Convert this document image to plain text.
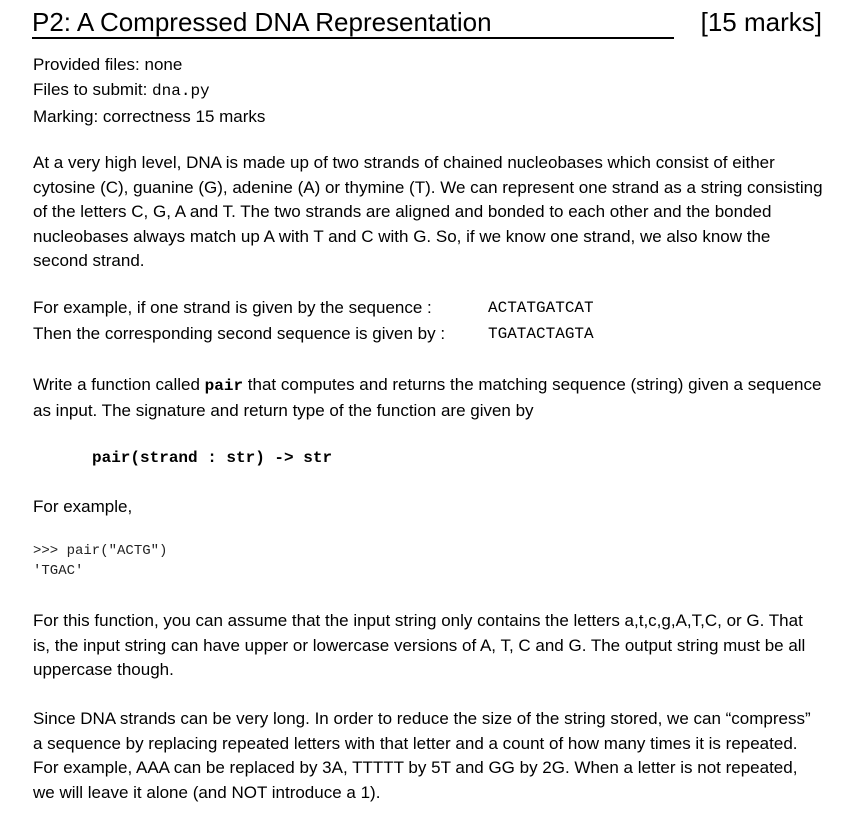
P2: A Compressed DNA Representation	[15 marks]
Provided files: none
Files to submit: dna.py
Marking: correctness 15 marks

At a very high level, DNA is made up of two strands of chained nucleobases which consist of either cytosine (C), guanine (G), adenine (A) or thymine (T). We can represent one strand as a string consisting of the letters C, G, A and T. The two strands are aligned and bonded to each other and the bonded nucleobases always match up A with T and C with G. So, if we know one strand, we also know the second strand.

For example, if one strand is given by the sequence :	ACTATGATCAT
Then the corresponding second sequence is given by :	TGATACTAGTA

Write a function called pair that computes and returns the matching sequence (string) given a sequence as input. The signature and return type of the function are given by

pair(strand : str) -> str

For example,

>>> pair("ACTG")
'TGAC'

For this function, you can assume that the input string only contains the letters a,t,c,g,A,T,C, or G. That is, the input string can have upper or lowercase versions of A, T, C and G. The output string must be all uppercase though.

Since DNA strands can be very long. In order to reduce the size of the string stored, we can “compress” a sequence by replacing repeated letters with that letter and a count of how many times it is repeated. For example, AAA can be replaced by 3A, TTTTT by 5T and GG by 2G. When a letter is not repeated, we will leave it alone (and NOT introduce a 1).
